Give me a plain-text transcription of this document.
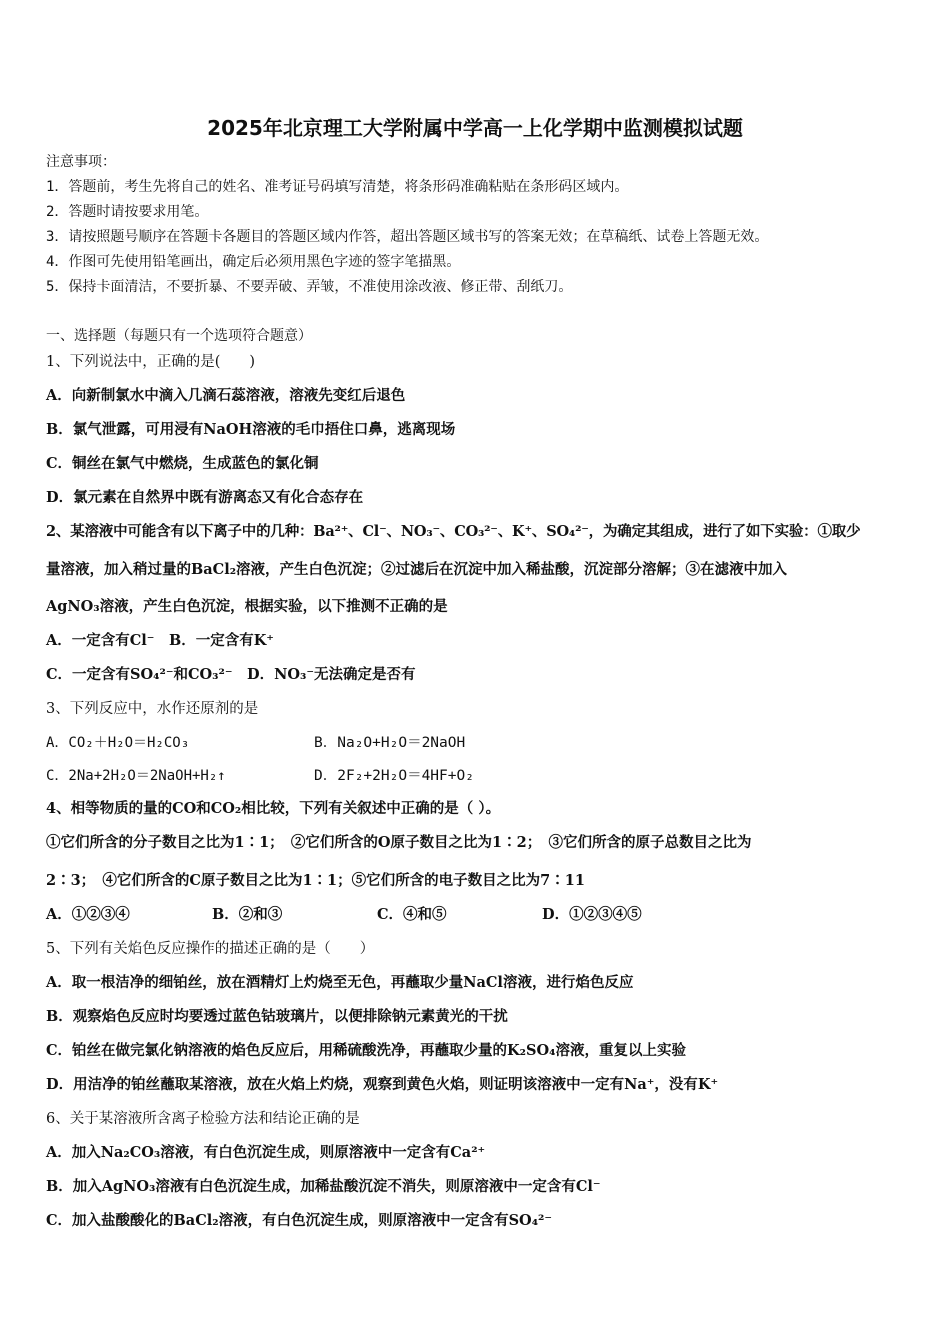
2025年北京理工大学附属中学高一上化学期中监测模拟试题
注意事项：
1．答题前，考生先将自己的姓名、准考证号码填写清楚，将条形码准确粘贴在条形码区域内。
2．答题时请按要求用笔。
3．请按照题号顺序在答题卡各题目的答题区域内作答，超出答题区域书写的答案无效；在草稿纸、试卷上答题无效。
4．作图可先使用铅笔画出，确定后必须用黑色字迹的签字笔描黑。
5．保持卡面清洁，不要折暴、不要弄破、弄皱，不准使用涂改液、修正带、刮纸刀。
一、选择题（每题只有一个选项符合题意）
1、下列说法中，正确的是(　　)
A．向新制氯水中滴入几滴石蕊溶液，溶液先变红后退色
B．氯气泄露，可用浸有NaOH溶液的毛巾捂住口鼻，逃离现场
C．铜丝在氯气中燃烧，生成蓝色的氯化铜
D．氯元素在自然界中既有游离态又有化合态存在
2、某溶液中可能含有以下离子中的几种：Ba²⁺、Cl⁻、NO₃⁻、CO₃²⁻、K⁺、SO₄²⁻，为确定其组成，进行了如下实验：①取少
量溶液，加入稍过量的BaCl₂溶液，产生白色沉淀；②过滤后在沉淀中加入稀盐酸，沉淀部分溶解；③在滤液中加入
AgNO₃溶液，产生白色沉淀，根据实验，以下推测不正确的是
A．一定含有Cl⁻　B．一定含有K⁺
C．一定含有SO₄²⁻和CO₃²⁻　D．NO₃⁻无法确定是否有
3、下列反应中，水作还原剂的是
A．CO₂＋H₂O＝H₂CO₃	B．Na₂O+H₂O＝2NaOH
C．2Na+2H₂O＝2NaOH+H₂↑	D．2F₂+2H₂O＝4HF+O₂
4、相等物质的量的CO和CO₂相比较，下列有关叙述中正确的是（ ）。
①它们所含的分子数目之比为1∶1；　②它们所含的O原子数目之比为1∶2；　③它们所含的原子总数目之比为
2∶3；　④它们所含的C原子数目之比为1∶1；⑤它们所含的电子数目之比为7∶11
A．①②③④	B．②和③	C．④和⑤	D．①②③④⑤
5、下列有关焰色反应操作的描述正确的是（　　）
A．取一根洁净的细铂丝，放在酒精灯上灼烧至无色，再蘸取少量NaCl溶液，进行焰色反应
B．观察焰色反应时均要透过蓝色钴玻璃片，以便排除钠元素黄光的干扰
C．铂丝在做完氯化钠溶液的焰色反应后，用稀硫酸洗净，再蘸取少量的K₂SO₄溶液，重复以上实验
D．用洁净的铂丝蘸取某溶液，放在火焰上灼烧，观察到黄色火焰，则证明该溶液中一定有Na⁺，没有K⁺
6、关于某溶液所含离子检验方法和结论正确的是
A．加入Na₂CO₃溶液，有白色沉淀生成，则原溶液中一定含有Ca²⁺
B．加入AgNO₃溶液有白色沉淀生成，加稀盐酸沉淀不消失，则原溶液中一定含有Cl⁻
C．加入盐酸酸化的BaCl₂溶液，有白色沉淀生成，则原溶液中一定含有SO₄²⁻
